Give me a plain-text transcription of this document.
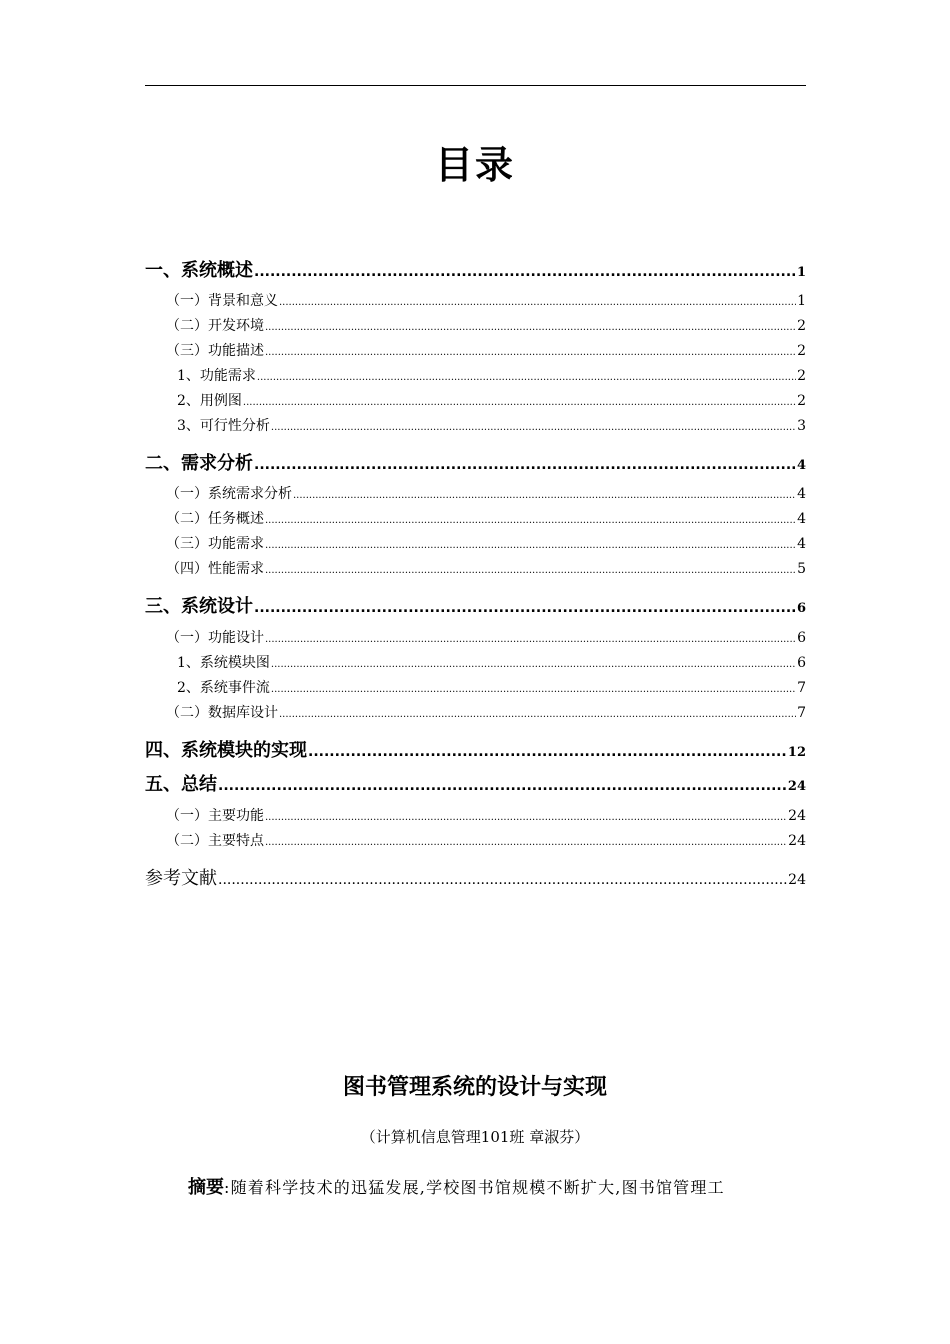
目录
一、系统概述 .....	1
（一）背景和意义 .....	1
（二）开发环境 .....	2
（三）功能描述 .....	2
1、功能需求 .....	2
2、用例图 .....	2
3、可行性分析 .....	3
二、需求分析 .....	4
（一）系统需求分析 .....	4
（二）任务概述 .....	4
（三）功能需求 .....	4
（四）性能需求 .....	5
三、系统设计 .....	6
（一）功能设计 .....	6
1、系统模块图 .....	6
2、系统事件流 .....	7
（二）数据库设计 .....	7
四、系统模块的实现 .....	12
五、总结 .....	24
（一）主要功能 .....	24
（二）主要特点 .....	24
参考文献 .....	24
图书管理系统的设计与实现
（计算机信息管理101班 章淑芬）
摘要:随着科学技术的迅猛发展,学校图书馆规模不断扩大,图书馆管理工
